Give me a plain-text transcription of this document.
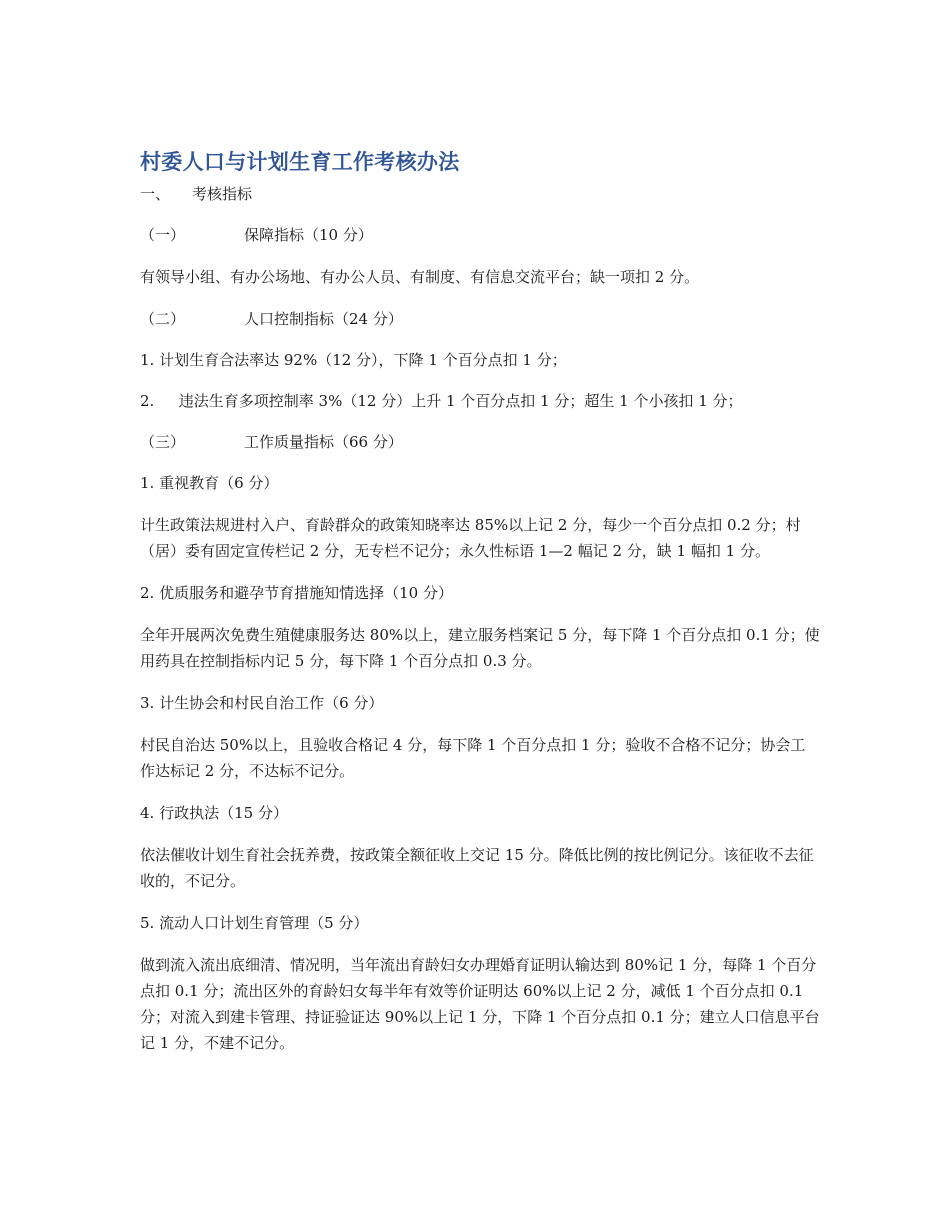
村委人口与计划生育工作考核办法
一、	考核指标
（一）	保障指标（10 分）

有领导小组、有办公场地、有办公人员、有制度、有信息交流平台；缺一项扣 2 分。

（二）	人口控制指标（24 分）
1. 计划生育合法率达 92%（12 分），下降 1 个百分点扣 1 分；
2. 违法生育多项控制率 3%（12 分）上升 1 个百分点扣 1 分；超生 1 个小孩扣 1 分；
（三）	工作质量指标（66 分）
1. 重视教育（6 分）

计生政策法规进村入户、育龄群众的政策知晓率达 85%以上记 2 分，每少一个百分点扣 0.2 分；村（居）委有固定宣传栏记 2 分，无专栏不记分；永久性标语 1—2 幅记 2 分，缺 1 幅扣 1 分。

2. 优质服务和避孕节育措施知情选择（10 分）

全年开展两次免费生殖健康服务达 80%以上，建立服务档案记 5 分，每下降 1 个百分点扣 0.1 分；使用药具在控制指标内记 5 分，每下降 1 个百分点扣 0.3 分。

3. 计生协会和村民自治工作（6 分）

村民自治达 50%以上，且验收合格记 4 分，每下降 1 个百分点扣 1 分；验收不合格不记分；协会工作达标记 2 分，不达标不记分。

4. 行政执法（15 分）

依法催收计划生育社会抚养费，按政策全额征收上交记 15 分。降低比例的按比例记分。该征收不去征收的，不记分。

5. 流动人口计划生育管理（5 分）

做到流入流出底细清、情况明，当年流出育龄妇女办理婚育证明认输达到 80%记 1 分，每降 1 个百分点扣 0.1 分；流出区外的育龄妇女每半年有效等价证明达 60%以上记 2 分，减低 1 个百分点扣 0.1 分；对流入到建卡管理、持证验证达 90%以上记 1 分，下降 1 个百分点扣 0.1 分；建立人口信息平台记 1 分，不建不记分。
